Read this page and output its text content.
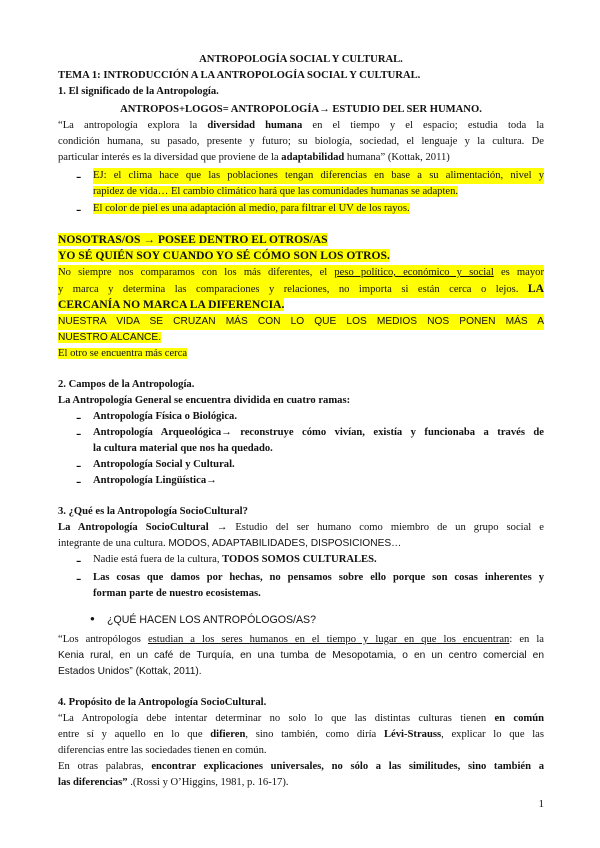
ANTROPOLOGÍA SOCIAL Y CULTURAL.
TEMA 1: INTRODUCCIÓN A LA ANTROPOLOGÍA SOCIAL Y CULTURAL.
1. El significado de la Antropología.
ANTROPOS+LOGOS= ANTROPOLOGÍA→ ESTUDIO DEL SER HUMANO.
“La antropología explora la diversidad humana en el tiempo y el espacio; estudia toda la
condición humana, su pasado, presente y futuro; su biología, sociedad, el lenguaje y la cultura. De
particular interés es la diversidad que proviene de la adaptabilidad humana” (Kottak, 2011)
- EJ: el clima hace que las poblaciones tengan diferencias en base a su alimentación, nivel y
rapidez de vida… El cambio climático hará que las comunidades humanas se adapten.
- El color de piel es una adaptación al medio, para filtrar el UV de los rayos.
NOSOTRAS/OS → POSEE DENTRO EL OTROS/AS
YO SÉ QUIÉN SOY CUANDO YO SÉ CÓMO SON LOS OTROS.
No siempre nos comparamos con los más diferentes, el peso político, económico y social es mayor
y marca y determina las comparaciones y relaciones, no importa si están cerca o lejos. LA
CERCANÍA NO MARCA LA DIFERENCIA.
NUESTRA VIDA SE CRUZAN MÁS CON LO QUE LOS MEDIOS NOS PONEN MÁS A
NUESTRO ALCANCE.
El otro se encuentra más cerca
2. Campos de la Antropología.
La Antropología General se encuentra dividida en cuatro ramas:
- Antropología Física o Biológica.
- Antropología Arqueológica→ reconstruye cómo vivían, existía y funcionaba a través de
la cultura material que nos ha quedado.
- Antropología Social y Cultural.
- Antropología Lingüística→
3. ¿Qué es la Antropología SocioCultural?
La Antropología SocioCultural → Estudio del ser humano como miembro de un grupo social e
integrante de una cultura. MODOS, ADAPTABILIDADES, DISPOSICIONES…
- Nadie está fuera de la cultura, TODOS SOMOS CULTURALES.
- Las cosas que damos por hechas, no pensamos sobre ello porque son cosas inherentes y
forman parte de nuestro ecosistemas.
● ¿QUÉ HACEN LOS ANTROPÓLOGOS/AS?
“Los antropólogos estudian a los seres humanos en el tiempo y lugar en que los encuentran: en la
Kenia rural, en un café de Turquía, en una tumba de Mesopotamia, o en un centro comercial en
Estados Unidos” (Kottak, 2011).
4. Propósito de la Antropología SocioCultural.
“La Antropología debe intentar determinar no solo lo que las distintas culturas tienen en común
entre sí y aquello en lo que difieren, sino también, como diría Lévi-Strauss, explicar lo que las
diferencias entre las sociedades tienen en común.
En otras palabras, encontrar explicaciones universales, no sólo a las similitudes, sino también a
las diferencias” .(Rossi y O’Higgins, 1981, p. 16-17).
1
